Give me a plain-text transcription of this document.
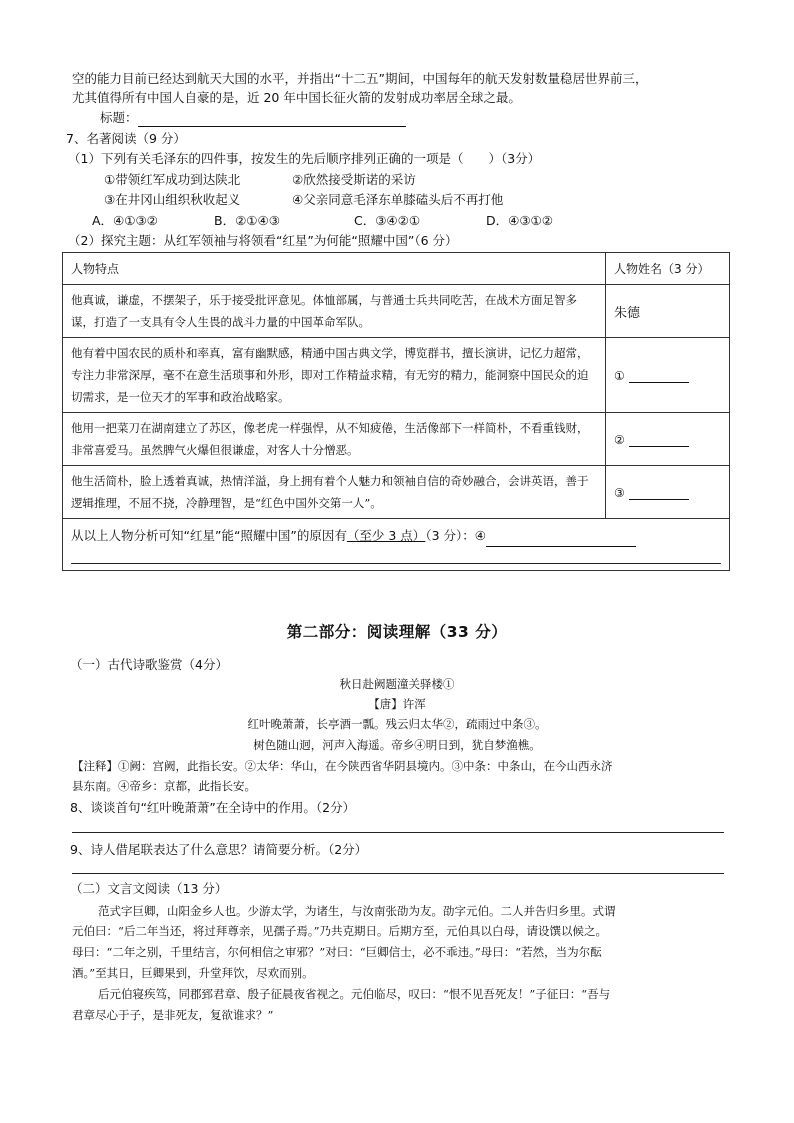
空的能力目前已经达到航天大国的水平，并指出“十二五”期间，中国每年的航天发射数量稳居世界前三，
尤其值得所有中国人自豪的是，近 20 年中国长征火箭的发射成功率居全球之最。
标题：
7、名著阅读（9 分）
（1）下列有关毛泽东的四件事，按发生的先后顺序排列正确的一项是（　　）（3分）
①带领红军成功到达陕北	②欣然接受斯诺的采访
③在井冈山组织秋收起义	④父亲同意毛泽东单膝磕头后不再打他
A．④①③②	B．②①④③	C．③④②①	D．④③①②
（2）探究主题：从红军领袖与将领看“红星”为何能“照耀中国”（6 分）
人物特点	人物姓名（3 分）
他真诚，谦虚，不摆架子，乐于接受批评意见。体恤部属，与普通士兵共同吃苦，在战术方面足智多谋，打造了一支具有令人生畏的战斗力量的中国革命军队。	朱德
他有着中国农民的质朴和率真，富有幽默感，精通中国古典文学，博览群书，擅长演讲，记忆力超常，专注力非常深厚，毫不在意生活琐事和外形，即对工作精益求精，有无穷的精力，能洞察中国民众的迫切需求，是一位天才的军事和政治战略家。	①
他用一把菜刀在湖南建立了苏区，像老虎一样强悍，从不知疲倦，生活像部下一样简朴，不看重钱财，非常喜爱马。虽然脾气火爆但很谦虚，对客人十分憎恶。	②
他生活简朴，脸上透着真诚，热情洋溢，身上拥有着个人魅力和领袖自信的奇妙融合，会讲英语，善于逻辑推理，不屈不挠，冷静理智，是“红色中国外交第一人”。	③
从以上人物分析可知“红星”能“照耀中国”的原因有（至少 3 点）（3 分）：④	
第二部分：阅读理解（33 分）
（一）古代诗歌鉴赏（4分）
秋日赴阙题潼关驿楼①
【唐】许浑
红叶晚萧萧，长亭酒一瓢。残云归太华②，疏雨过中条③。
树色随山迥，河声入海遥。帝乡④明日到，犹自梦渔樵。
【注释】①阙：宫阙，此指长安。②太华：华山，在今陕西省华阴县境内。③中条：中条山，在今山西永济
县东南。④帝乡：京都，此指长安。
8、谈谈首句“红叶晚萧萧”在全诗中的作用。（2分）
9、诗人借尾联表达了什么意思？请简要分析。（2分）
（二）文言文阅读（13 分）
范式字巨卿，山阳金乡人也。少游太学，为诸生，与汝南张劭为友。劭字元伯。二人并告归乡里。式谓
元伯曰：“后二年当还，将过拜尊亲，见孺子焉。”乃共克期日。后期方至，元伯具以白母，请设馔以候之。
母曰：“二年之别，千里结言，尔何相信之审邪？”对曰：“巨卿信士，必不乖违。”母曰：“若然，当为尔酝
酒。”至其日，巨卿果到，升堂拜饮，尽欢而别。
后元伯寝疾笃，同郡郅君章、殷子征晨夜省视之。元伯临尽，叹曰：“恨不见吾死友！”子征曰：“吾与
君章尽心于子，是非死友，复欲谁求？”
